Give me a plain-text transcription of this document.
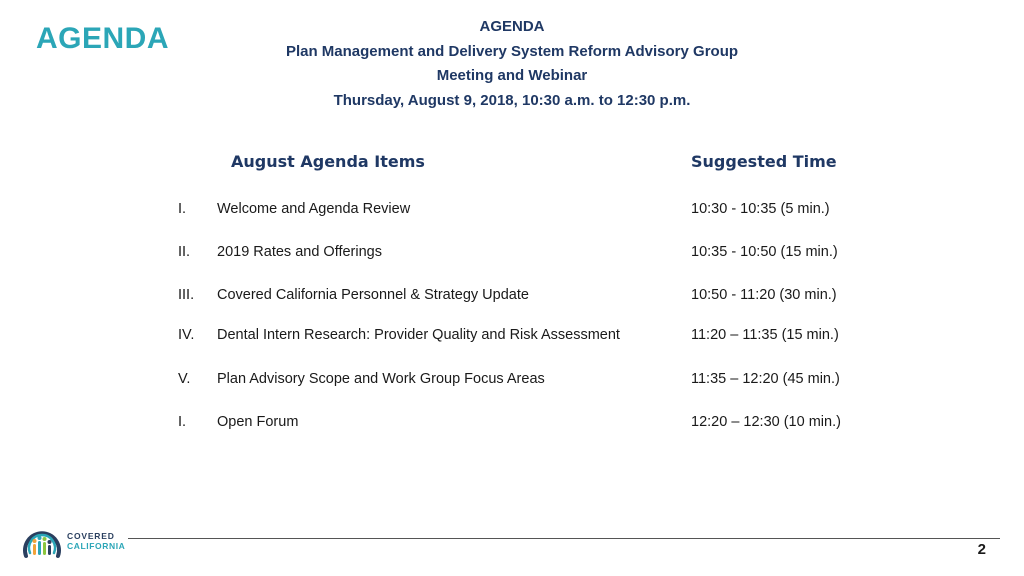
AGENDA	AGENDA
Plan Management and Delivery System Reform Advisory Group
Meeting and Webinar
Thursday, August 9, 2018, 10:30 a.m. to 12:30 p.m.
August Agenda Items	Suggested Time
I. Welcome and Agenda Review	10:30 - 10:35 (5 min.)
II. 2019 Rates and Offerings	10:35 - 10:50 (15 min.)
III. Covered California Personnel & Strategy Update	10:50 - 11:20 (30 min.)
IV. Dental Intern Research: Provider Quality and Risk Assessment	11:20 – 11:35 (15 min.)
V. Plan Advisory Scope and Work Group Focus Areas	11:35 – 12:20 (45 min.)
I. Open Forum	12:20 – 12:30 (10 min.)
COVERED
CALIFORNIA	2
